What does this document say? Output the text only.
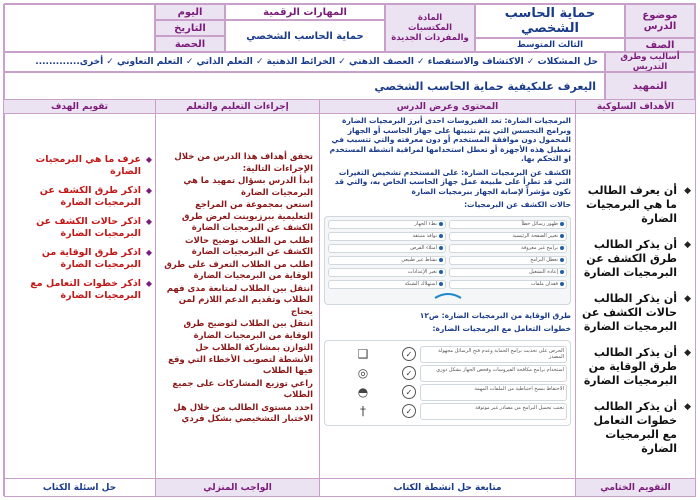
موضوع الدرس
حماية الحاسب الشخصي
المادة
المكتسبات والمفردات الجديدة
المهارات الرقمية
حماية الحاسب الشخصي
اليوم
التاريخ
الحصة	الصف
الثالث المتوسط
أساليب وطرق التدريس
حل المشكلات ✓ الاكتشاف والاستقصاء ✓ العصف الذهني ✓ الخرائط الذهنية ✓ التعلم الذاتي ✓ التعلم التعاوني ✓ أخرى.............
التمهيد
اليعرف علىكيفية حماية الحاسب الشخصي
الأهداف السلوكية
المحتوى وعرض الدرس
إجراءات التعليم والتعلم
تقويم الهدف
◆ أن يعرف الطالب ما هي البرمجيات الضارة
◆ أن يذكر الطالب طرق الكشف عن البرمجيات الضارة
◆ أن يذكر الطالب حالات الكشف عن البرمجيات الضارة
◆ أن يذكر الطالب طرق الوقاية من البرمجيات الضارة
◆ أن يذكر الطالب خطوات التعامل مع البرمجيات الضارة
البرمجيات الضارة: تعد الفيروسات احدى أبرز البرمجيات الضارة وبرامج التجسس التي يتم تثبيتها على جهاز الحاسب أو الجهاز المحمول دون موافقة المستخدم أو دون معرفته والتي تتسبب في تعطيل هذه الأجهزة أو تعطل استخدامها لمراقبة انشطة المستخدم او التحكم بها.
الكشف عن البرمجيات الضارة: على المستخدم تشخيص التغيرات التي قد تطرأ على طبيعة عمل جهاز الحاسب الخاص به، والتي قد تكون مؤشراً لإصابة الجهاز ببرمجيات الضارة
حالات الكشف عن البرمجيات:
ظهور رسائل خطأ
بطء الجهاز
تغيير الصفحة الرئيسية
نوافذ منبثقة
برامج غير معروفة
امتلاء القرص
تعطل البرامج
نشاط غير طبيعي
إعادة التشغيل
تغير الإعدادات
فقدان ملفات
استهلاك الشبكة
طرق الوقاية من البرمجيات الضارة: ص١٢
خطوات التعامل مع البرمجيات الضارة:
الحرص على تحديث برامج الحماية وعدم فتح الرسائل مجهولة المصدر
✓
❑
استخدام برامج مكافحة الفيروسات وفحص الجهاز بشكل دوري
✓
◎
الاحتفاظ بنسخ احتياطية من الملفات المهمة
✓
◓
تجنب تحميل البرامج من مصادر غير موثوقة
✓
†
تحقق أهداف هذا الدرس من خلال الإجراءات التالية:
ابدأ الدرس بسؤال تمهيد ما هي البرمجيات الضارة
استعن بمجموعة من المراجع التعليمية ببرزبوينت لعرض طرق الكشف عن البرمجيات الضارة
اطلب من الطلاب توضيح حالات الكشف عن البرمجيات الضارة
اطلب من الطلاب التعرف على طرق الوقاية من البرمجيات الضارة
انتقل بين الطلاب لمتابعة مدى فهم الطلاب وتقديم الدعم اللازم لمن يحتاج
انتقل بين الطلاب لتوضيح طرق الوقاية من البرمجيات الضارة
التوازن بمشاركة الطلاب حل الأنشطة لتصويب الأخطاء التي وقع فيها الطلاب
راعي توزيع المشاركات على جميع الطلاب
احدد مستوى الطالب من خلال هل الاختبار التشخيصي بشكل فردي
◆ عرف ما هي البرمجيات الضارة
◆ اذكر طرق الكشف عن البرمجيات الضارة
◆ اذكر حالات الكشف عن البرمجيات الضارة
◆ اذكر طرق الوقاية من البرمجيات الضارة
◆ اذكر خطوات التعامل مع البرمجيات الضارة
التقويم الختامي
متابعة حل انشطة الكتاب
الواجب المنزلي
حل اسئلة الكتاب
